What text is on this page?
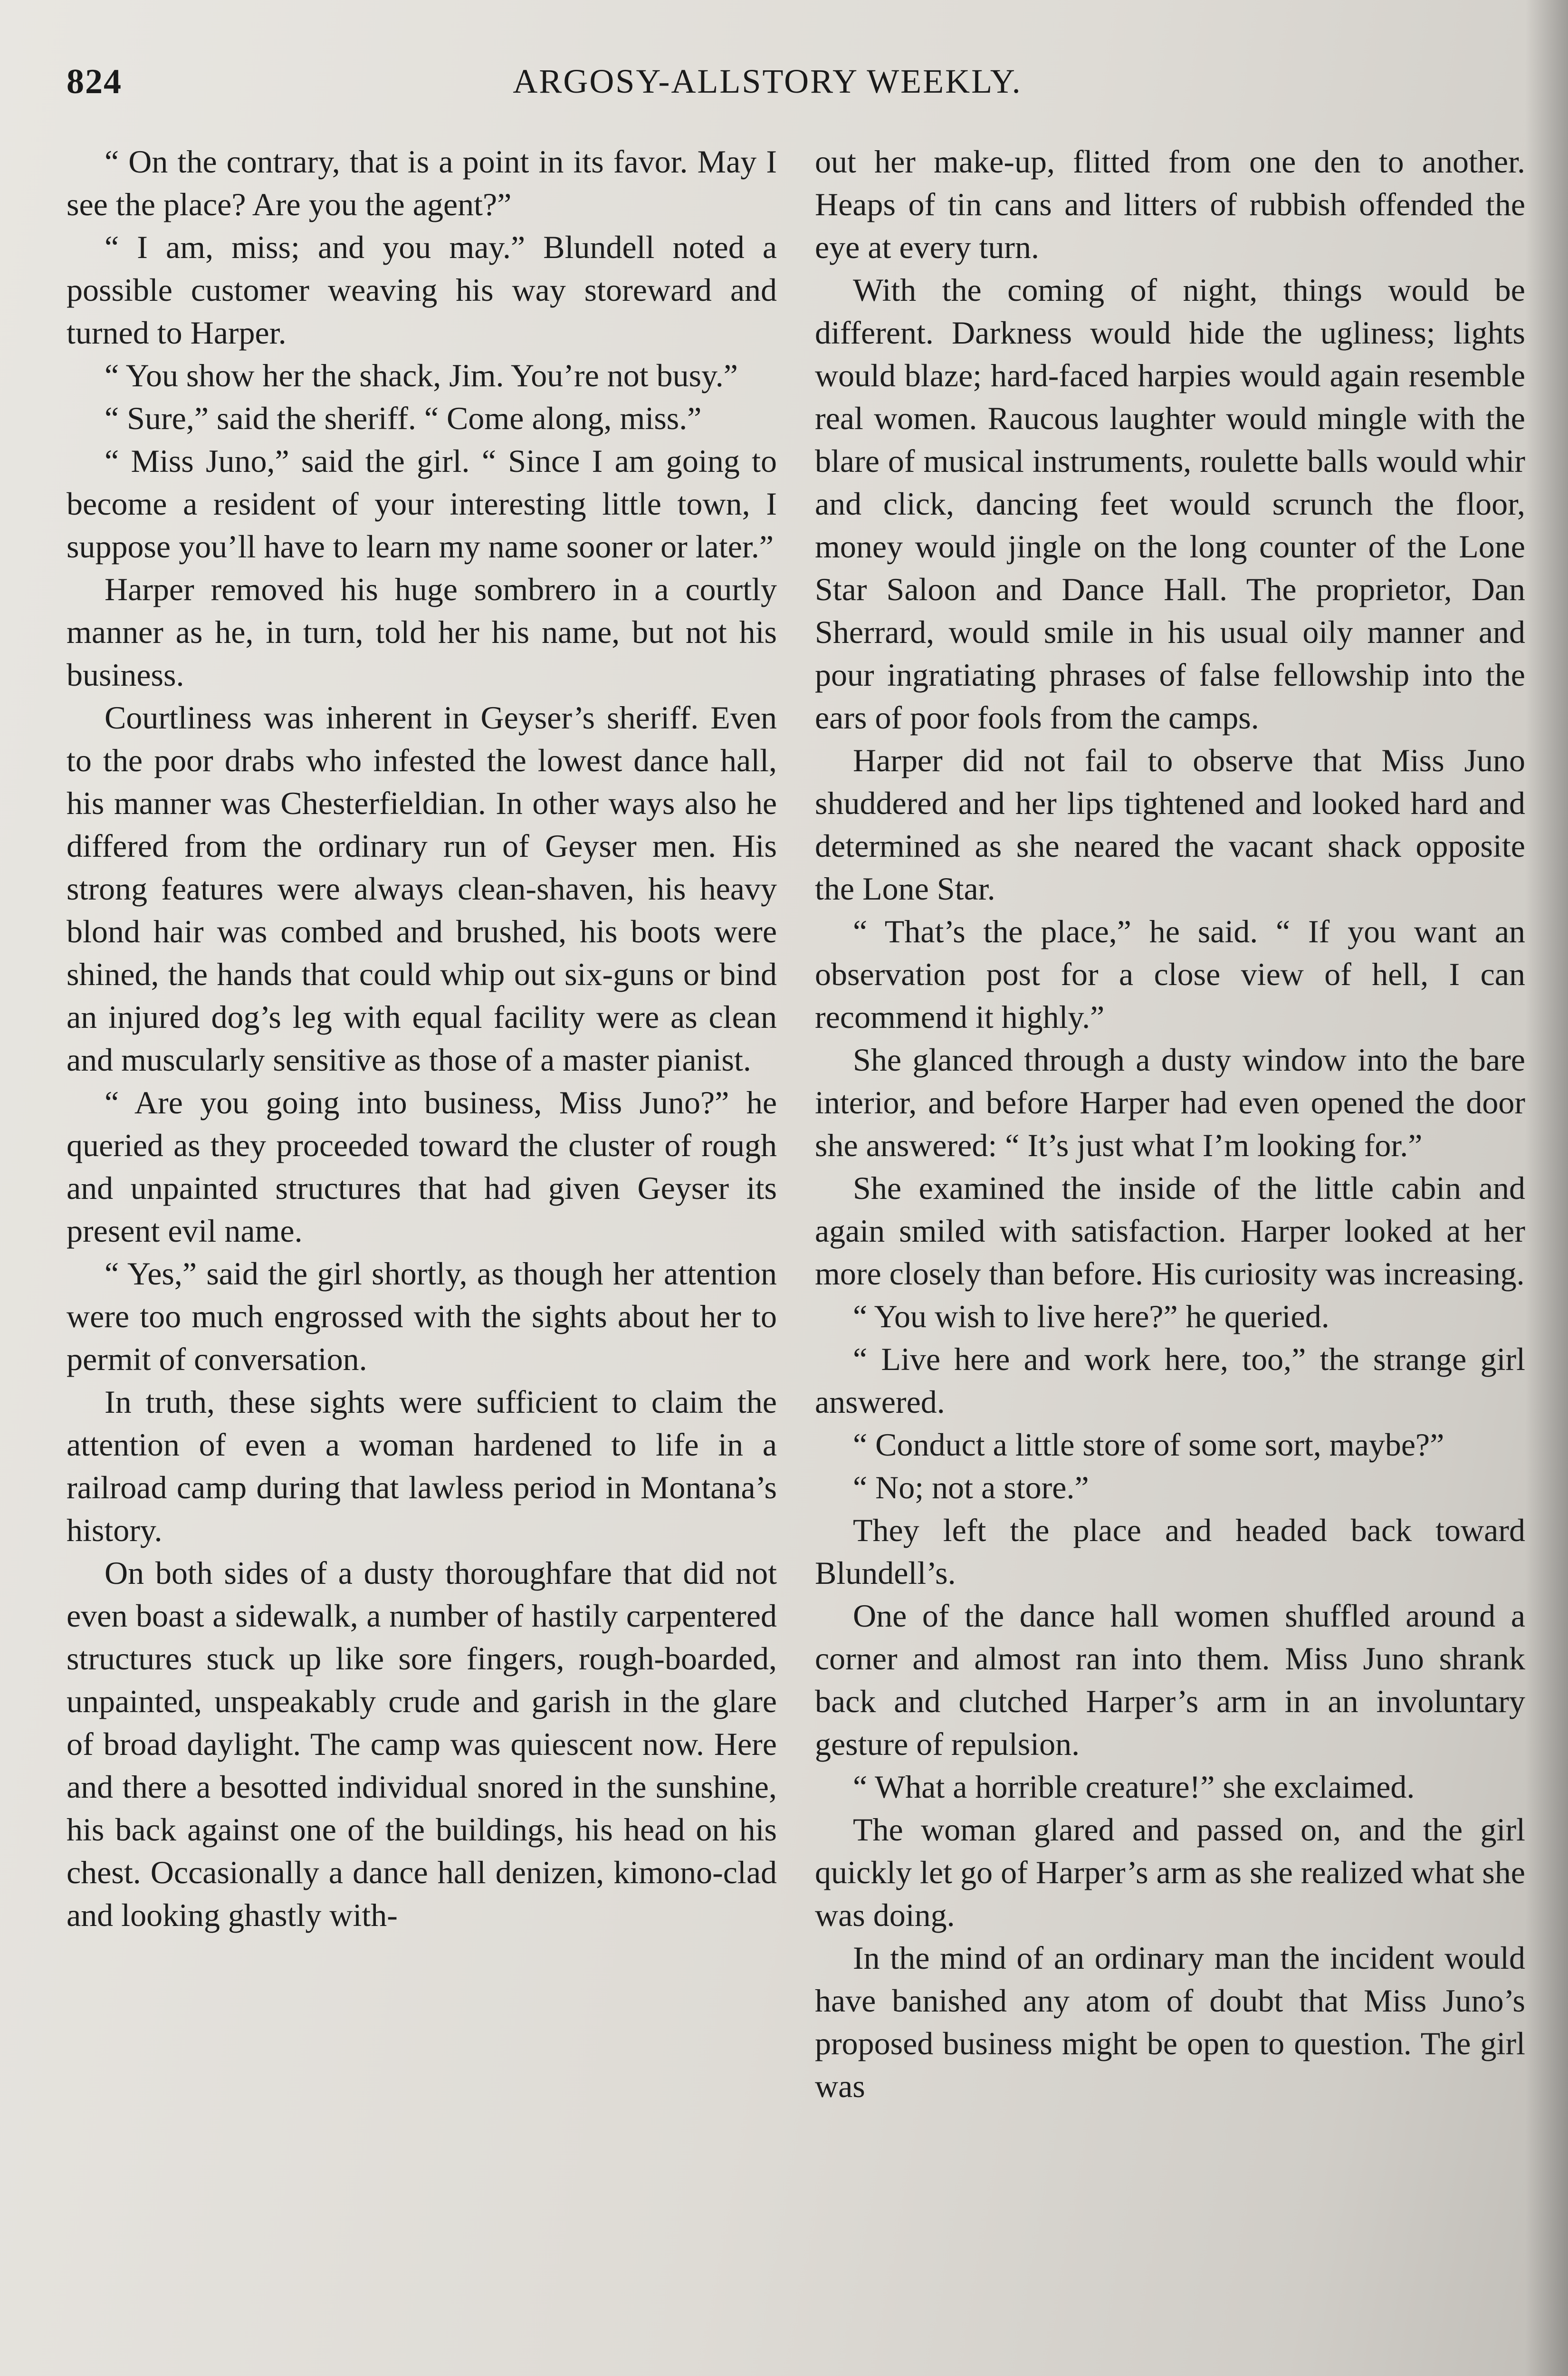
824	ARGOSY-ALLSTORY WEEKLY.

“ On the contrary, that is a point in its favor. May I see the place? Are you the agent?”

“ I am, miss; and you may.” Blundell noted a possible customer weaving his way storeward and turned to Harper.

“ You show her the shack, Jim. You’re not busy.”

“ Sure,” said the sheriff. “ Come along, miss.”

“ Miss Juno,” said the girl. “ Since I am going to become a resident of your interesting little town, I suppose you’ll have to learn my name sooner or later.”

Harper removed his huge sombrero in a courtly manner as he, in turn, told her his name, but not his business.

Courtliness was inherent in Geyser’s sheriff. Even to the poor drabs who infested the lowest dance hall, his manner was Chesterfieldian. In other ways also he differed from the ordinary run of Geyser men. His strong features were always clean-shaven, his heavy blond hair was combed and brushed, his boots were shined, the hands that could whip out six-guns or bind an injured dog’s leg with equal facility were as clean and muscularly sensitive as those of a master pianist.

“ Are you going into business, Miss Juno?” he queried as they proceeded toward the cluster of rough and unpainted structures that had given Geyser its present evil name.

“ Yes,” said the girl shortly, as though her attention were too much engrossed with the sights about her to permit of conversation.

In truth, these sights were sufficient to claim the attention of even a woman hardened to life in a railroad camp during that lawless period in Montana’s history.

On both sides of a dusty thoroughfare that did not even boast a sidewalk, a number of hastily carpentered structures stuck up like sore fingers, rough-boarded, unpainted, unspeakably crude and garish in the glare of broad daylight. The camp was quiescent now. Here and there a besotted individual snored in the sunshine, his back against one of the buildings, his head on his chest. Occasionally a dance hall denizen, kimono-clad and looking ghastly with-

out her make-up, flitted from one den to another. Heaps of tin cans and litters of rubbish offended the eye at every turn.

With the coming of night, things would be different. Darkness would hide the ugliness; lights would blaze; hard-faced harpies would again resemble real women. Raucous laughter would mingle with the blare of musical instruments, roulette balls would whir and click, dancing feet would scrunch the floor, money would jingle on the long counter of the Lone Star Saloon and Dance Hall. The proprietor, Dan Sherrard, would smile in his usual oily manner and pour ingratiating phrases of false fellowship into the ears of poor fools from the camps.

Harper did not fail to observe that Miss Juno shuddered and her lips tightened and looked hard and determined as she neared the vacant shack opposite the Lone Star.

“ That’s the place,” he said. “ If you want an observation post for a close view of hell, I can recommend it highly.”

She glanced through a dusty window into the bare interior, and before Harper had even opened the door she answered: “ It’s just what I’m looking for.”

She examined the inside of the little cabin and again smiled with satisfaction. Harper looked at her more closely than before. His curiosity was increasing.

“ You wish to live here?” he queried.

“ Live here and work here, too,” the strange girl answered.

“ Conduct a little store of some sort, maybe?”

“ No; not a store.”

They left the place and headed back toward Blundell’s.

One of the dance hall women shuffled around a corner and almost ran into them. Miss Juno shrank back and clutched Harper’s arm in an involuntary gesture of repulsion.

“ What a horrible creature!” she exclaimed.

The woman glared and passed on, and the girl quickly let go of Harper’s arm as she realized what she was doing.

In the mind of an ordinary man the incident would have banished any atom of doubt that Miss Juno’s proposed business might be open to question. The girl was
